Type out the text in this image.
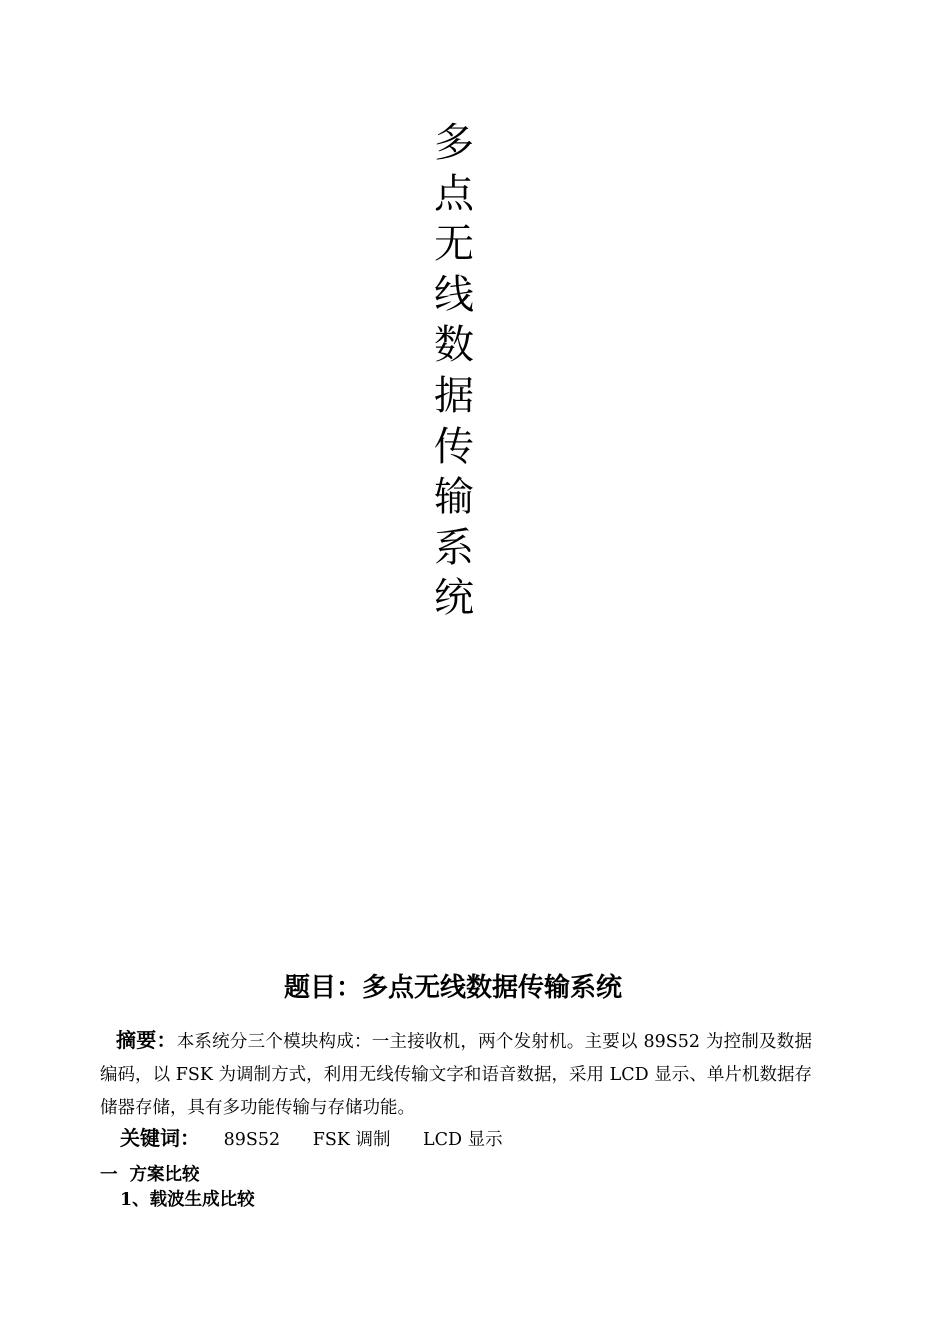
多
点
无
线
数
据
传
输
系
统
题目：多点无线数据传输系统
摘要：本系统分三个模块构成：一主接收机，两个发射机。主要以 89S52 为控制及数据编码，以 FSK 为调制方式，利用无线传输文字和语音数据，采用 LCD 显示、单片机数据存储器存储，具有多功能传输与存储功能。
关键词： 89S52 FSK 调制 LCD 显示
一 方案比较
1、载波生成比较
